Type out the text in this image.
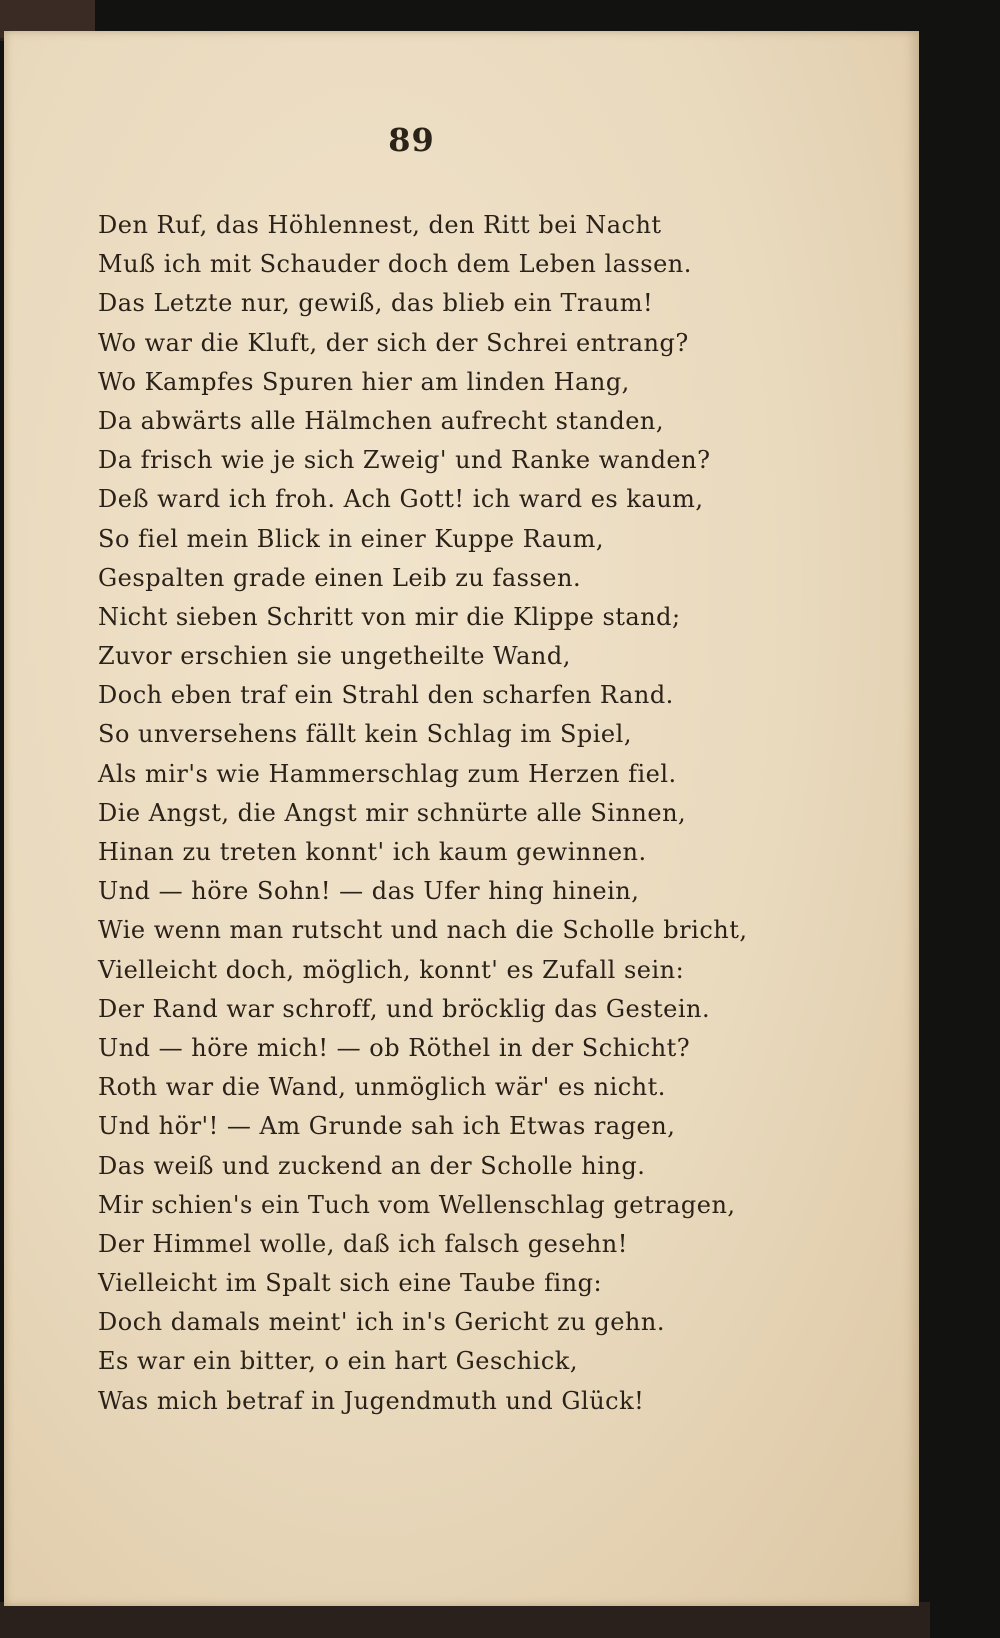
89
Den Ruf, das Höhlennest, den Ritt bei Nacht
Muß ich mit Schauder doch dem Leben lassen.
Das Letzte nur, gewiß, das blieb ein Traum!
Wo war die Kluft, der sich der Schrei entrang?
Wo Kampfes Spuren hier am linden Hang,
Da abwärts alle Hälmchen aufrecht standen,
Da frisch wie je sich Zweig' und Ranke wanden?
Deß ward ich froh. Ach Gott! ich ward es kaum,
So fiel mein Blick in einer Kuppe Raum,
Gespalten grade einen Leib zu fassen.
Nicht sieben Schritt von mir die Klippe stand;
Zuvor erschien sie ungetheilte Wand,
Doch eben traf ein Strahl den scharfen Rand.
So unversehens fällt kein Schlag im Spiel,
Als mir's wie Hammerschlag zum Herzen fiel.
Die Angst, die Angst mir schnürte alle Sinnen,
Hinan zu treten konnt' ich kaum gewinnen.
Und — höre Sohn! — das Ufer hing hinein,
Wie wenn man rutscht und nach die Scholle bricht,
Vielleicht doch, möglich, konnt' es Zufall sein:
Der Rand war schroff, und bröcklig das Gestein.
Und — höre mich! — ob Röthel in der Schicht?
Roth war die Wand, unmöglich wär' es nicht.
Und hör'! — Am Grunde sah ich Etwas ragen,
Das weiß und zuckend an der Scholle hing.
Mir schien's ein Tuch vom Wellenschlag getragen,
Der Himmel wolle, daß ich falsch gesehn!
Vielleicht im Spalt sich eine Taube fing:
Doch damals meint' ich in's Gericht zu gehn.
Es war ein bitter, o ein hart Geschick,
Was mich betraf in Jugendmuth und Glück!
